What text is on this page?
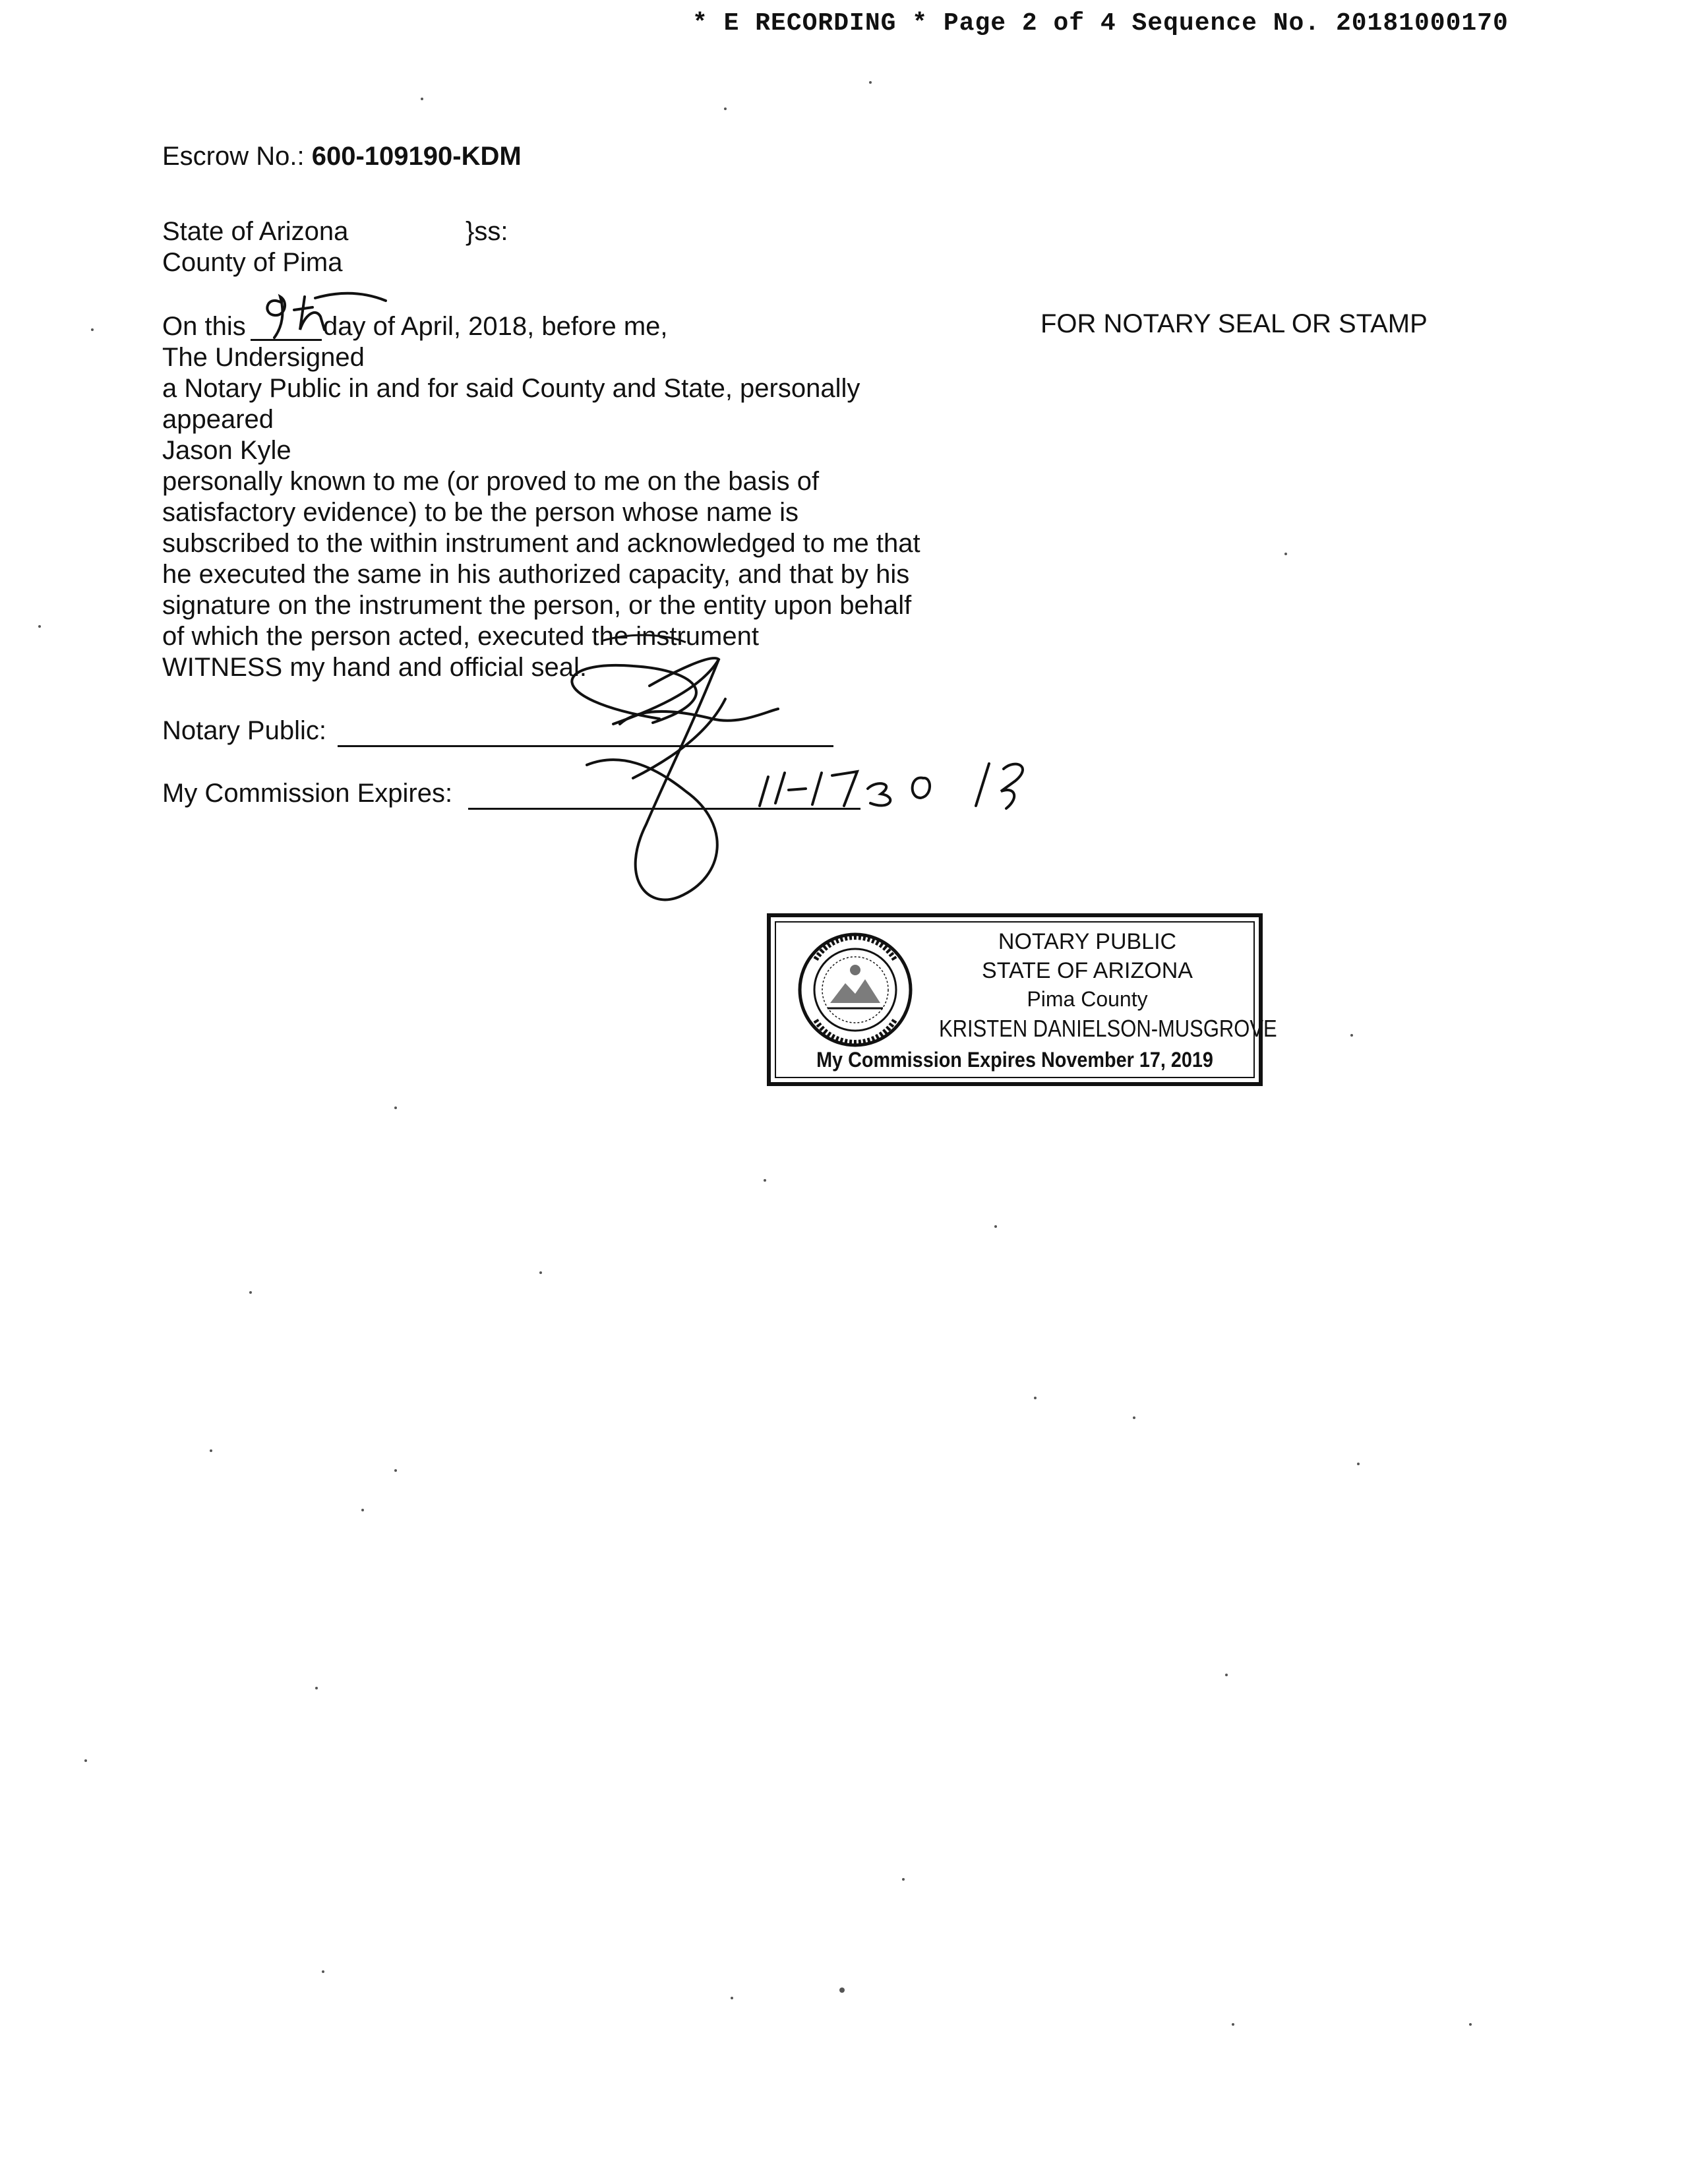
* E RECORDING * Page 2 of 4 Sequence No. 20181000170
Escrow No.: 600-109190-KDM
State of Arizona	}ss:
County of Pima
On this	day of April, 2018, before me,	FOR NOTARY SEAL OR STAMP
The Undersigned
a Notary Public in and for said County and State, personally
appeared
Jason Kyle
personally known to me (or proved to me on the basis of
satisfactory evidence) to be the person whose name is
subscribed to the within instrument and acknowledged to me that
he executed the same in his authorized capacity, and that by his
signature on the instrument the person, or the entity upon behalf
of which the person acted, executed the instrument
WITNESS my hand and official seal.
Notary Public:
My Commission Expires:
NOTARY PUBLIC
STATE OF ARIZONA
Pima County
KRISTEN DANIELSON-MUSGROVE
My Commission Expires November 17, 2019
